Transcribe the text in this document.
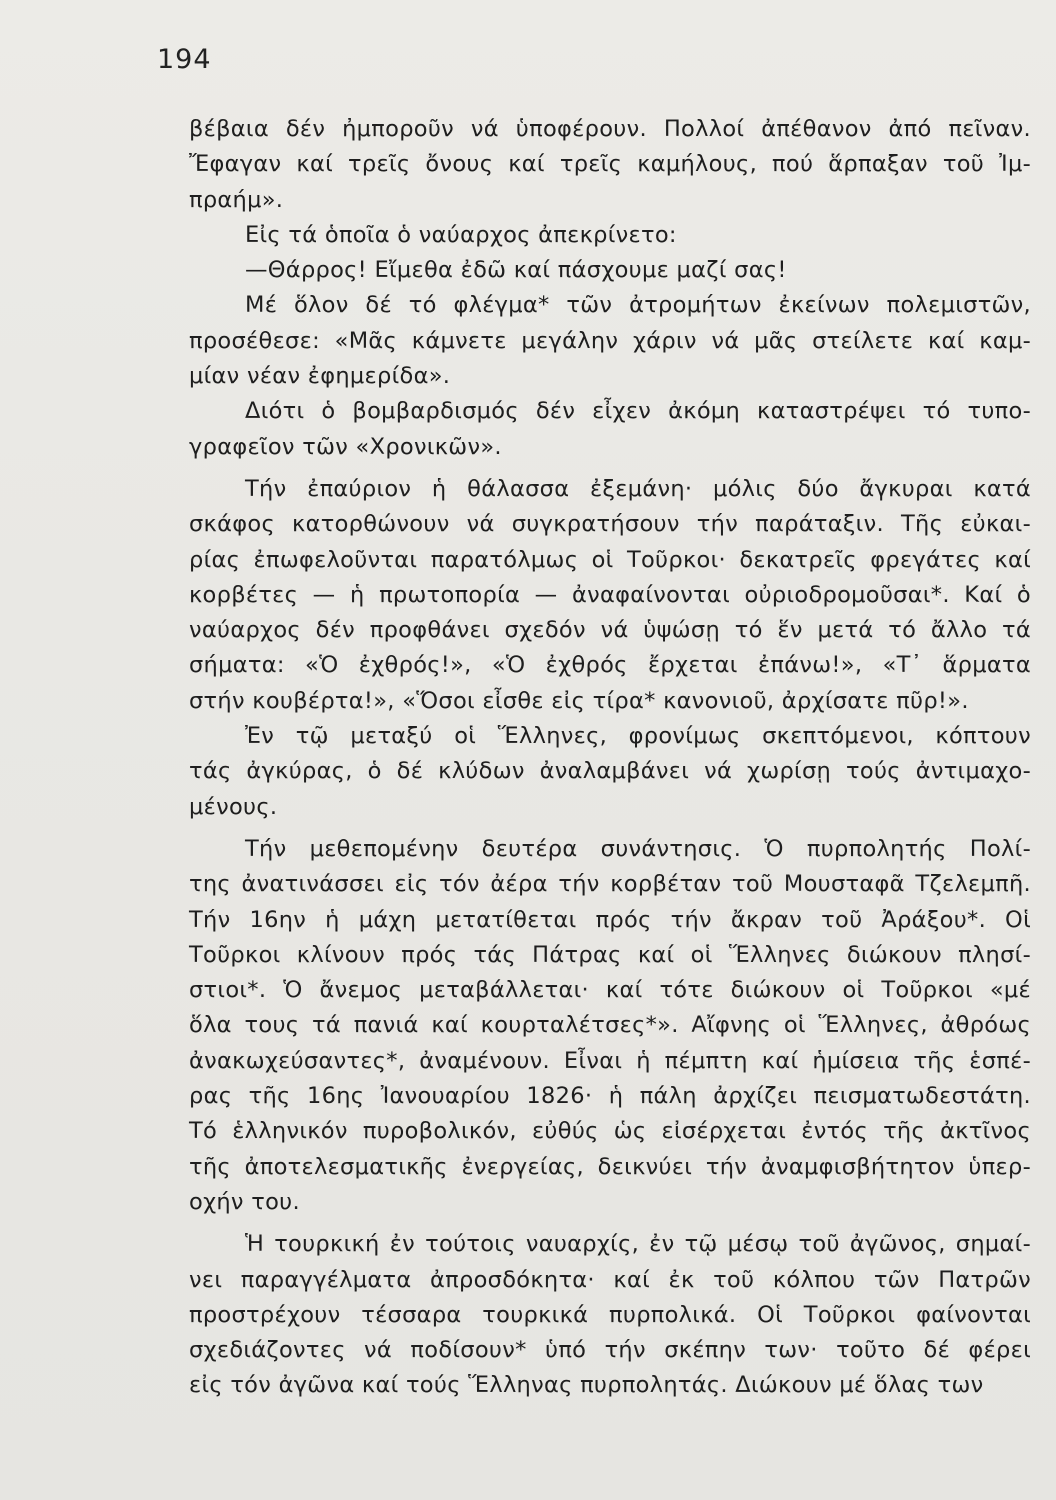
194

βέβαια δέν ἠμποροῦν νά ὑποφέρουν. Πολλοί ἀπέθανον ἀπό πεῖναν.
Ἔφαγαν καί τρεῖς ὄνους καί τρεῖς καμήλους, πού ἅρπαξαν τοῦ Ἰμ-
πραήμ».

Εἰς τά ὁποῖα ὁ ναύαρχος ἀπεκρίνετο:

—Θάρρος! Εἴμεθα ἐδῶ καί πάσχουμε μαζί σας!

Μέ ὅλον δέ τό φλέγμα* τῶν ἀτρομήτων ἐκείνων πολεμιστῶν,
προσέθεσε: «Μᾶς κάμνετε μεγάλην χάριν νά μᾶς στείλετε καί καμ-
μίαν νέαν ἐφημερίδα».

Διότι ὁ βομβαρδισμός δέν εἶχεν ἀκόμη καταστρέψει τό τυπο-
γραφεῖον τῶν «Χρονικῶν».

Τήν ἐπαύριον ἡ θάλασσα ἐξεμάνη· μόλις δύο ἄγκυραι κατά
σκάφος κατορθώνουν νά συγκρατήσουν τήν παράταξιν. Τῆς εὐκαι-
ρίας ἐπωφελοῦνται παρατόλμως οἱ Τοῦρκοι· δεκατρεῖς φρεγάτες καί
κορβέτες — ἡ πρωτοπορία — ἀναφαίνονται οὐριοδρομοῦσαι*. Καί ὁ
ναύαρχος δέν προφθάνει σχεδόν νά ὑψώσῃ τό ἕν μετά τό ἄλλο τά
σήματα: «Ὁ ἐχθρός!», «Ὁ ἐχθρός ἔρχεται ἐπάνω!», «Τ᾽ ἅρματα
στήν κουβέρτα!», «Ὅσοι εἶσθε εἰς τίρα* κανονιοῦ, ἀρχίσατε πῦρ!».

Ἐν τῷ μεταξύ οἱ Ἕλληνες, φρονίμως σκεπτόμενοι, κόπτουν
τάς ἀγκύρας, ὁ δέ κλύδων ἀναλαμβάνει νά χωρίσῃ τούς ἀντιμαχο-
μένους.

Τήν μεθεπομένην δευτέρα συνάντησις. Ὁ πυρπολητής Πολί-
της ἀνατινάσσει εἰς τόν ἀέρα τήν κορβέταν τοῦ Μουσταφᾶ Τζελεμπῆ.
Τήν 16ην ἡ μάχη μετατίθεται πρός τήν ἄκραν τοῦ Ἀράξου*. Οἱ
Τοῦρκοι κλίνουν πρός τάς Πάτρας καί οἱ Ἕλληνες διώκουν πλησί-
στιοι*. Ὁ ἄνεμος μεταβάλλεται· καί τότε διώκουν οἱ Τοῦρκοι «μέ
ὅλα τους τά πανιά καί κουρταλέτσες*». Αἴφνης οἱ Ἕλληνες, ἀθρόως
ἀνακωχεύσαντες*, ἀναμένουν. Εἶναι ἡ πέμπτη καί ἡμίσεια τῆς ἑσπέ-
ρας τῆς 16ης Ἰανουαρίου 1826· ἡ πάλη ἀρχίζει πεισματωδεστάτη.
Τό ἑλληνικόν πυροβολικόν, εὐθύς ὡς εἰσέρχεται ἐντός τῆς ἀκτῖνος
τῆς ἀποτελεσματικῆς ἐνεργείας, δεικνύει τήν ἀναμφισβήτητον ὑπερ-
οχήν του.

Ἡ τουρκική ἐν τούτοις ναυαρχίς, ἐν τῷ μέσῳ τοῦ ἀγῶνος, σημαί-
νει παραγγέλματα ἀπροσδόκητα· καί ἐκ τοῦ κόλπου τῶν Πατρῶν
προστρέχουν τέσσαρα τουρκικά πυρπολικά. Οἱ Τοῦρκοι φαίνονται
σχεδιάζοντες νά ποδίσουν* ὑπό τήν σκέπην των· τοῦτο δέ φέρει
εἰς τόν ἀγῶνα καί τούς Ἕλληνας πυρπολητάς. Διώκουν μέ ὅλας των
